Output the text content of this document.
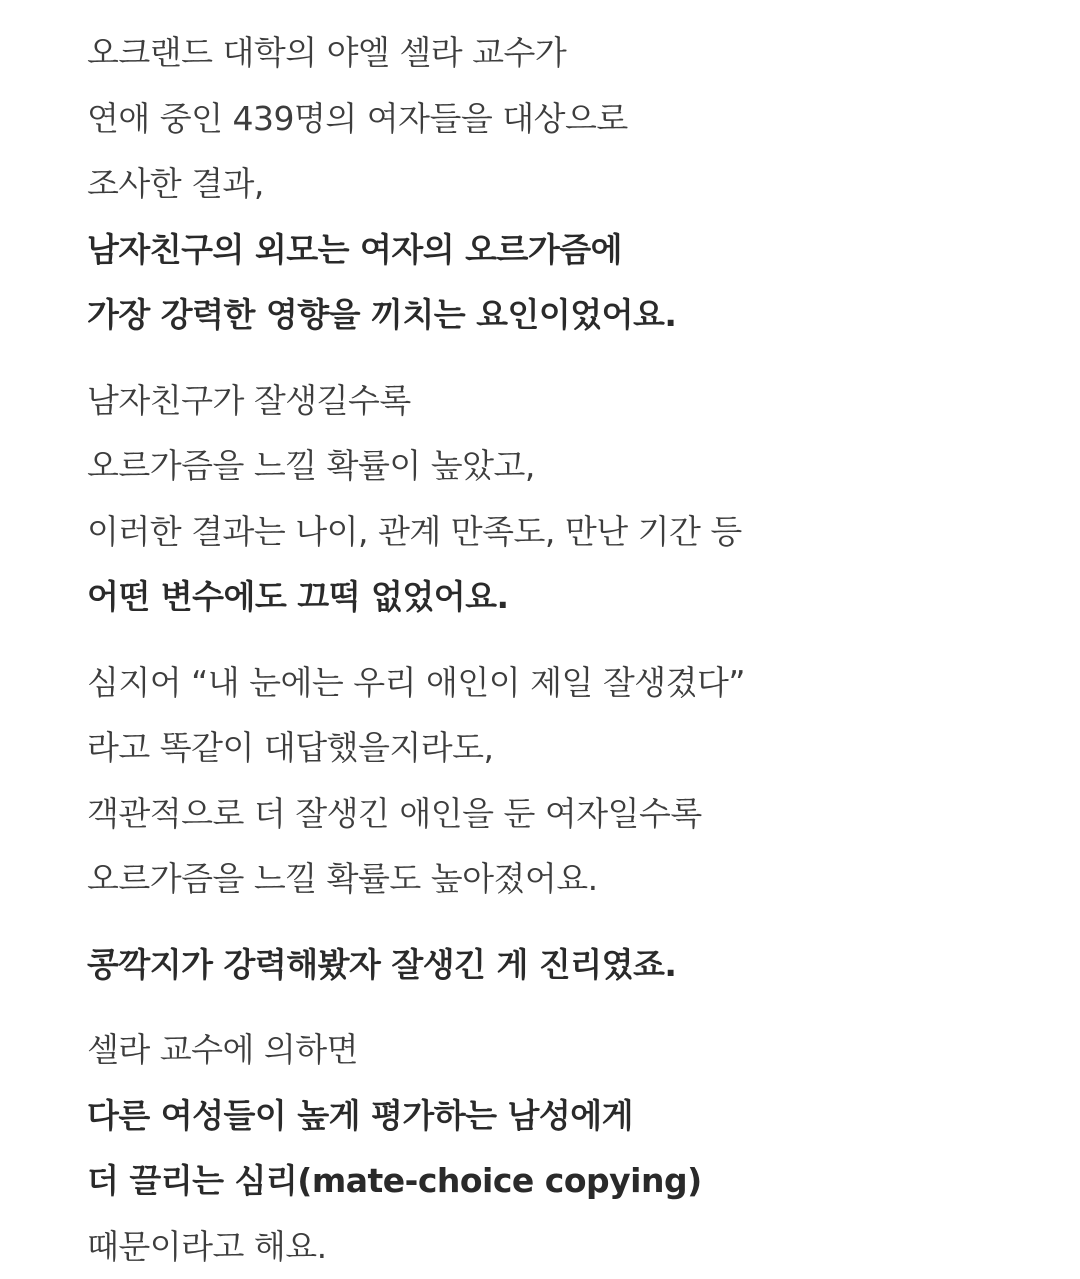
오크랜드 대학의 야엘 셀라 교수가
연애 중인 439명의 여자들을 대상으로
조사한 결과,
남자친구의 외모는 여자의 오르가즘에
가장 강력한 영향을 끼치는 요인이었어요.
남자친구가 잘생길수록
오르가즘을 느낄 확률이 높았고,
이러한 결과는 나이, 관계 만족도, 만난 기간 등
어떤 변수에도 끄떡 없었어요.
심지어 “내 눈에는 우리 애인이 제일 잘생겼다”
라고 똑같이 대답했을지라도,
객관적으로 더 잘생긴 애인을 둔 여자일수록
오르가즘을 느낄 확률도 높아졌어요.
콩깍지가 강력해봤자 잘생긴 게 진리였죠.
셀라 교수에 의하면
다른 여성들이 높게 평가하는 남성에게
더 끌리는 심리(mate-choice copying)
때문이라고 해요.
